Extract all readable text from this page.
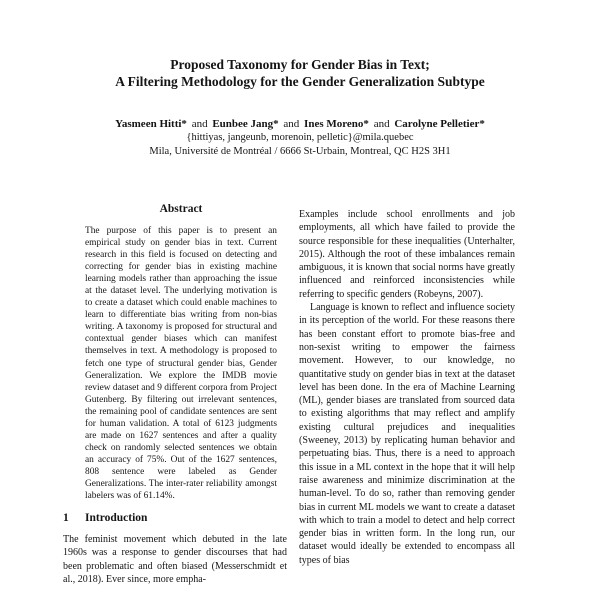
Proposed Taxonomy for Gender Bias in Text;
A Filtering Methodology for the Gender Generalization Subtype
Yasmeen Hitti* and Eunbee Jang* and Ines Moreno* and Carolyne Pelletier*
{hittiyas, jangeunb, morenoin, pelletic}@mila.quebec
Mila, Université de Montréal / 6666 St-Urbain, Montreal, QC H2S 3H1
Abstract

The purpose of this paper is to present an empirical study on gender bias in text. Current research in this field is focused on detecting and correcting for gender bias in existing machine learning models rather than approaching the issue at the dataset level. The underlying motivation is to create a dataset which could enable machines to learn to differentiate bias writing from non-bias writing. A taxonomy is proposed for structural and contextual gender biases which can manifest themselves in text. A methodology is proposed to fetch one type of structural gender bias, Gender Generalization. We explore the IMDB movie review dataset and 9 different corpora from Project Gutenberg. By filtering out irrelevant sentences, the remaining pool of candidate sentences are sent for human validation. A total of 6123 judgments are made on 1627 sentences and after a quality check on randomly selected sentences we obtain an accuracy of 75%. Out of the 1627 sentences, 808 sentence were labeled as Gender Generalizations. The inter-rater reliability amongst labelers was of 61.14%.

1 Introduction

The feminist movement which debuted in the late 1960s was a response to gender discourses that had been problematic and often biased (Messerschmidt et al., 2018). Ever since, more empha-

Examples include school enrollments and job employments, all which have failed to provide the source responsible for these inequalities (Unterhalter, 2015). Although the root of these imbalances remain ambiguous, it is known that social norms have greatly influenced and reinforced inconsistencies while referring to specific genders (Robeyns, 2007).

Language is known to reflect and influence society in its perception of the world. For these reasons there has been constant effort to promote bias-free and non-sexist writing to empower the fairness movement. However, to our knowledge, no quantitative study on gender bias in text at the dataset level has been done. In the era of Machine Learning (ML), gender biases are translated from sourced data to existing algorithms that may reflect and amplify existing cultural prejudices and inequalities (Sweeney, 2013) by replicating human behavior and perpetuating bias. Thus, there is a need to approach this issue in a ML context in the hope that it will help raise awareness and minimize discrimination at the human-level. To do so, rather than removing gender bias in current ML models we want to create a dataset with which to train a model to detect and help correct gender bias in written form. In the long run, our dataset would ideally be extended to encompass all types of bias
